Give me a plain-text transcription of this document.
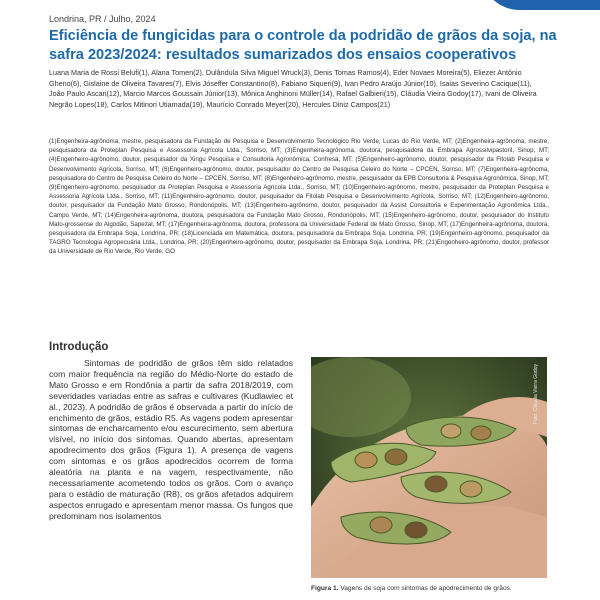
Londrina, PR / Julho, 2024
Eficiência de fungicidas para o controle da podridão de grãos da soja, na safra 2023/2024: resultados sumarizados dos ensaios cooperativos

Luana Maria de Rossi Belufi(1), Alana Tomen(2), Dulândula Silva Miguel Wruck(3), Denis Tomas Ramos(4), Eder Novaes Moreira(5), Eliezer Antônio Gheno(6), Gislaine de Oliveira Tavares(7), Elvis Jóseffer Constantino(8), Fabiano Siqueri(9), Ivan Pedro Araújo Júnior(10), Isaias Severino Cacique(11), João Paulo Ascari(12), Marcio Marcos Goussain Júnior(13), Mônica Anghinoni Müller(14), Rafael Galbieri(15), Cláudia Vieira Godoy(17), Ivani de Oliveira Negrão Lopes(18), Carlos Mitinori Utiamada(19), Maurício Conrado Meyer(20), Hercules Diniz Campos(21)

(1)Engenheira-agrônoma, mestre, pesquisadora da Fundação de Pesquisa e Desenvolvimento Tecnológico Rio Verde, Lucas do Rio Verde, MT; (2)Engenheira-agrônoma, mestre, pesquisadora da Proteplan Pesquisa e Assessoria Agrícola Ltda., Sorriso, MT; (3)Engenheira-agrônoma, doutora, pesquisadora da Embrapa Agrossilvipastoril, Sinop, MT; (4)Engenheiro-agrônomo, doutor, pesquisador da Xingu Pesquisa e Consultoria Agronômica, Confresa, MT; (5)Engenheiro-agrônomo, doutor, pesquisador da Fitolab Pesquisa e Desenvolvimento Agrícola, Sorriso, MT; (6)Engenheiro-agrônomo, doutor, pesquisador do Centro de Pesquisa Celeiro do Norte – CPCEN, Sorriso, MT; (7)Engenheira-agrônoma, pesquisadora do Centro de Pesquisa Celeiro do Norte – CPCEN, Sorriso, MT; (8)Engenheiro-agrônomo, mestre, pesquisador da EPB Consultoria & Pesquisa Agronômica, Sinop, MT; (9)Engenheiro-agrônomo, pesquisador da Proteplan Pesquisa e Assessoria Agrícola Ltda., Sorriso, MT; (10)Engenheiro-agrônomo, mestre, pesquisador da Proteplan Pesquisa e Assessoria Agrícola Ltda., Sorriso, MT; (11)Engenheiro-agrônomo, doutor, pesquisador da Fitolab Pesquisa e Desenvolvimento Agrícola, Sorriso, MT; (12)Engenheiro-agrônomo, doutor, pesquisador da Fundação Mato Grosso, Rondonópolis, MT; (13)Engenheiro-agrônomo, doutor, pesquisador da Assist Consultoria e Experimentação Agronômica Ltda., Campo Verde, MT; (14)Engenheira-agrônoma, doutora, pesquisadora da Fundação Mato Grosso, Rondonópolis, MT; (15)Engenheiro-agrônomo, doutor, pesquisador do Instituto Mato-grossense do Algodão, Sapezal, MT; (17)Engenheira-agrônoma, doutora, professora da Universidade Federal de Mato Grosso, Sinop, MT; (17)Engenheira-agrônoma, doutora, pesquisadora da Embrapa Soja, Londrina, PR; (18)Licenciada em Matemática, doutora, pesquisadora da Embrapa Soja, Londrina, PR; (19)Engenheiro-agrônomo, pesquisador da TAGRO Tecnologia Agropecuária Ltda., Londrina, PR; (20)Engenheiro-agrônomo, doutor, pesquisador da Embrapa Soja, Londrina, PR; (21)Engenheiro-agrônomo, doutor, professor da Universidade de Rio Verde, Rio Verde, GO

Introdução

Sintomas de podridão de grãos têm sido relatados com maior frequência na região do Médio-Norte do estado de Mato Grosso e em Rondônia a partir da safra 2018/2019, com severidades variadas entre as safras e cultivares (Kudlawiec et al., 2023). A podridão de grãos é observada a partir do início de enchimento de grãos, estádio R5. As vagens podem apresentar sintomas de encharcamento e/ou escurecimento, sem abertura visível, no início dos sintomas. Quando abertas, apresentam apodrecimento dos grãos (Figura 1). A presença de vagens com sintomas e os grãos apodrecidos ocorrem de forma aleatória na planta e na vagem, respectivamente, não necessariamente acometendo todos os grãos. Com o avanço para o estádio de maturação (R8), os grãos afetados adquirem aspectos enrugado e apresentam menor massa. Os fungos que predominam nos isolamentos

Foto: Cláudia Vieira Godoy

Figura 1. Vagens de soja com sintomas de apodrecimento de grãos.
